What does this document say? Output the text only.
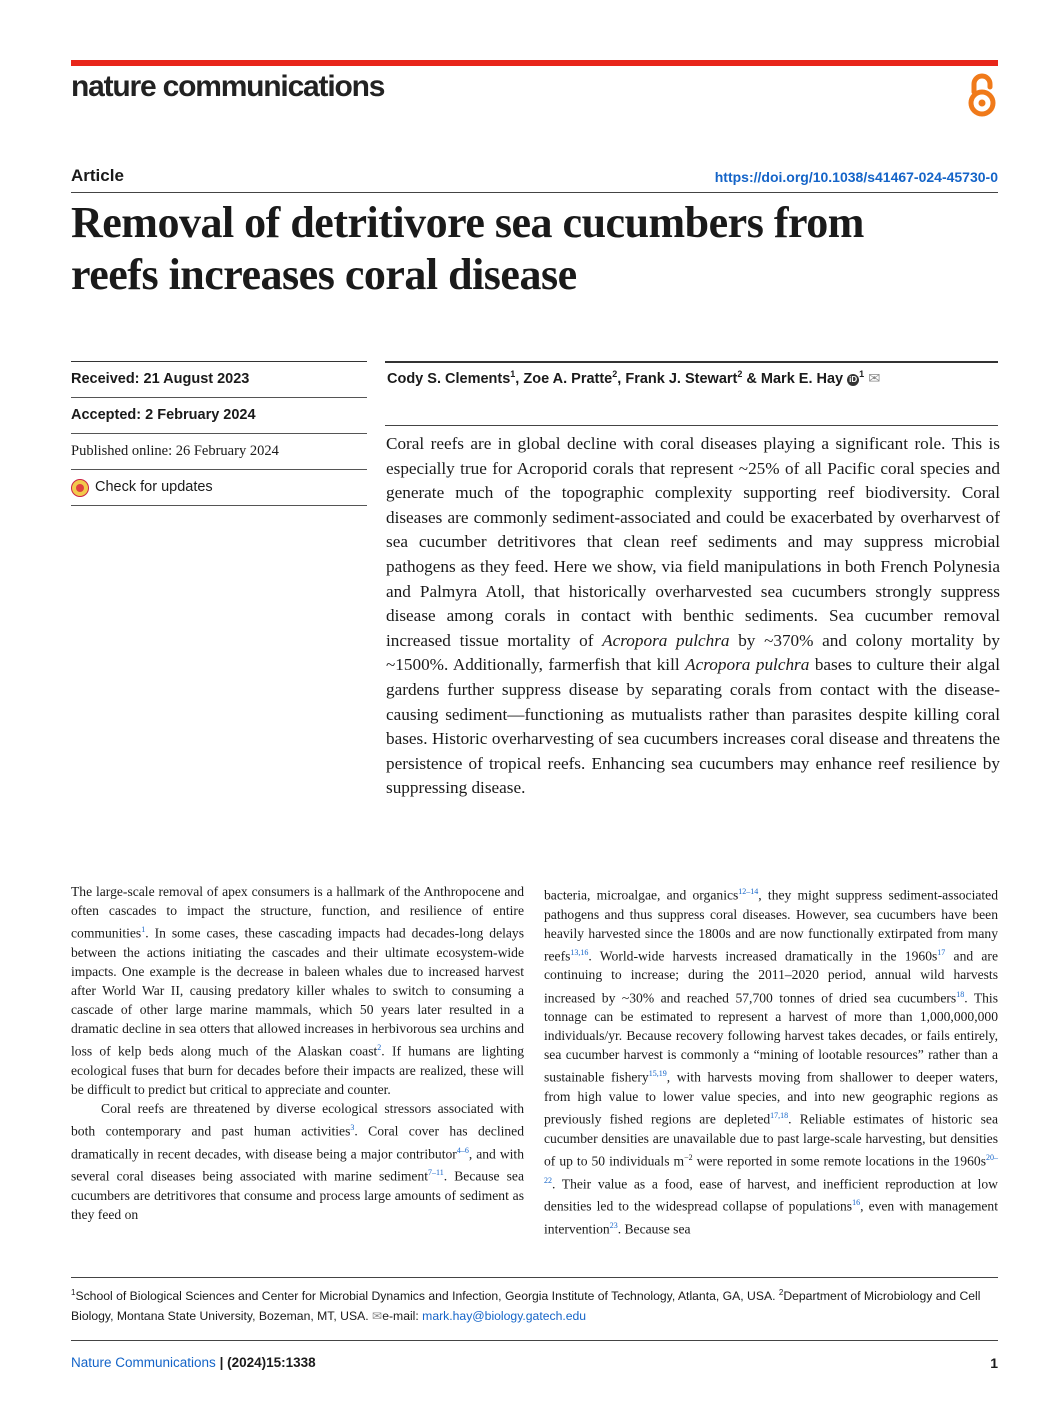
nature communications
Article	https://doi.org/10.1038/s41467-024-45730-0
Removal of detritivore sea cucumbers from
reefs increases coral disease
Received: 21 August 2023
Accepted: 2 February 2024
Published online: 26 February 2024
Check for updates
Cody S. Clements$^1$, Zoe A. Pratte$^2$, Frank J. Stewart$^2$ & Mark E. Hay $iD^1$ ✉
Coral reefs are in global decline with coral diseases playing a significant role. This is especially true for Acroporid corals that represent ~25% of all Pacific coral species and generate much of the topographic complexity supporting reef biodiversity. Coral diseases are commonly sediment-associated and could be exacerbated by overharvest of sea cucumber detritivores that clean reef sediments and may suppress microbial pathogens as they feed. Here we show, via field manipulations in both French Polynesia and Palmyra Atoll, that historically overharvested sea cucumbers strongly suppress disease among corals in contact with benthic sediments. Sea cucumber removal increased tissue mortality of Acropora pulchra by ~370% and colony mortality by ~1500%. Additionally, farmerfish that kill Acropora pulchra bases to culture their algal gardens further suppress disease by separating corals from contact with the disease-causing sediment—functioning as mutualists rather than parasites despite killing coral bases. Historic overharvesting of sea cucumbers increases coral disease and threatens the persistence of tropical reefs. Enhancing sea cucumbers may enhance reef resilience by suppressing disease.

The large-scale removal of apex consumers is a hallmark of the Anthropocene and often cascades to impact the structure, function, and resilience of entire communities$^1$. In some cases, these cascading impacts had decades-long delays between the actions initiating the cascades and their ultimate ecosystem-wide impacts. One example is the decrease in baleen whales due to increased harvest after World War II, causing predatory killer whales to switch to consuming a cascade of other large marine mammals, which 50 years later resulted in a dramatic decline in sea otters that allowed increases in herbivorous sea urchins and loss of kelp beds along much of the Alaskan coast$^2$. If humans are lighting ecological fuses that burn for decades before their impacts are realized, these will be difficult to predict but critical to appreciate and counter.

Coral reefs are threatened by diverse ecological stressors associated with both contemporary and past human activities$^3$. Coral cover has declined dramatically in recent decades, with disease being a major contributor$^{4-6}$, and with several coral diseases being associated with marine sediment$^{7-11}$. Because sea cucumbers are detritivores that consume and process large amounts of sediment as they feed on

bacteria, microalgae, and organics$^{12-14}$, they might suppress sediment-associated pathogens and thus suppress coral diseases. However, sea cucumbers have been heavily harvested since the 1800s and are now functionally extirpated from many reefs$^{13,16}$. World-wide harvests increased dramatically in the $1960s^{17}$ and are continuing to increase; during the 2011–2020 period, annual wild harvests increased by ~30% and reached 57,700 tonnes of dried sea cucumbers$^{18}$. This tonnage can be estimated to represent a harvest of more than 1,000,000,000 individuals/yr. Because recovery following harvest takes decades, or fails entirely, sea cucumber harvest is commonly a “mining of lootable resources” rather than a sustainable fishery$^{15,19}$, with harvests moving from shallower to deeper waters, from high value to lower value species, and into new geographic regions as previously fished regions are depleted$^{17,18}$. Reliable estimates of historic sea cucumber densities are unavailable due to past large-scale harvesting, but densities of up to 50 individuals $m^{-2}$ were reported in some remote locations in the $1960s^{20-22}$. Their value as a food, ease of harvest, and inefficient reproduction at low densities led to the widespread collapse of populations$^{16}$, even with management intervention$^{23}$. Because sea

$^1$School of Biological Sciences and Center for Microbial Dynamics and Infection, Georgia Institute of Technology, Atlanta, GA, USA. $^2$Department of Microbiology and Cell Biology, Montana State University, Bozeman, MT, USA. ✉e-mail: mark.hay@biology.gatech.edu
Nature Communications | (2024)15:1338	1
